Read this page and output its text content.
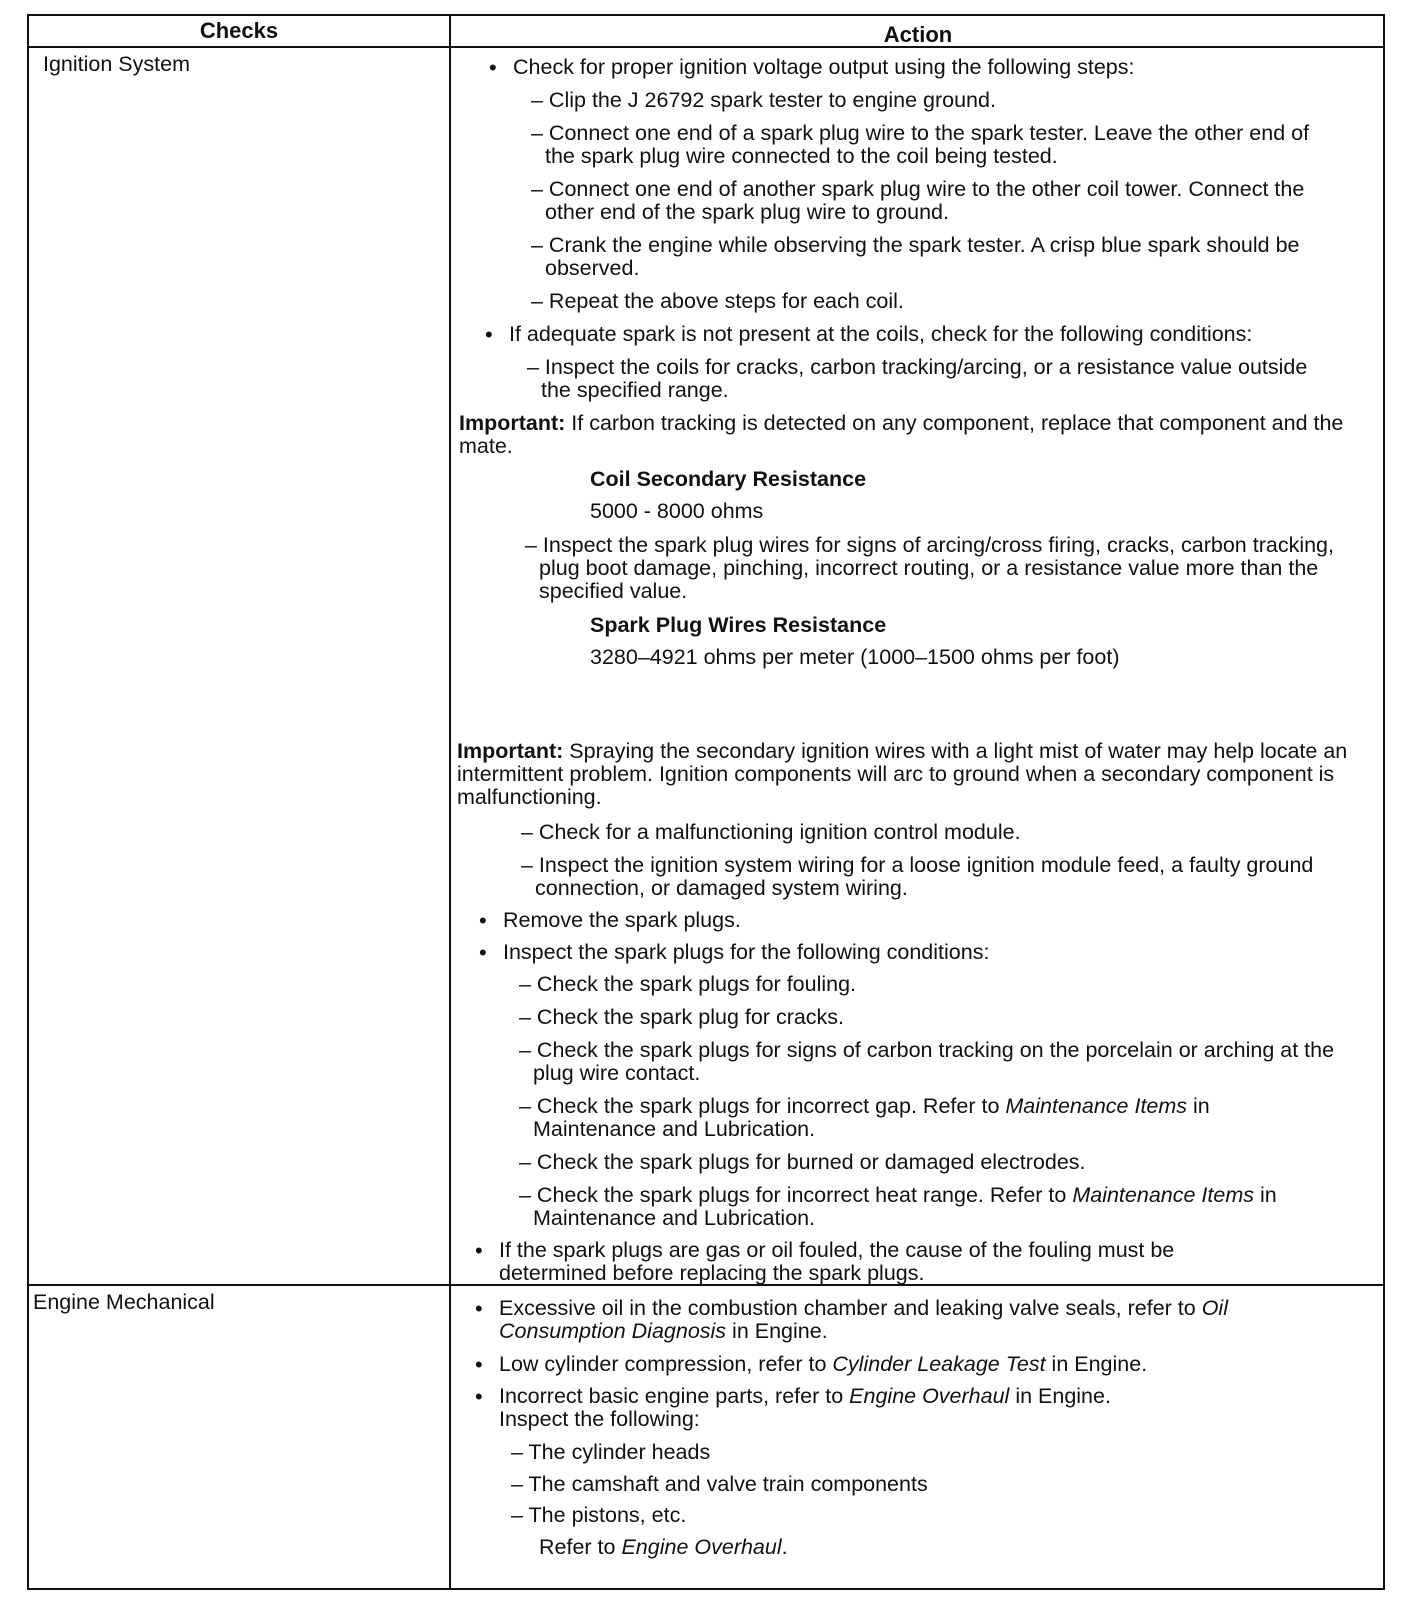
Checks	Action
Ignition System
Engine Mechanical

• Check for proper ignition voltage output using the following steps:

– Clip the J 26792 spark tester to engine ground.

– Connect one end of a spark plug wire to the spark tester. Leave the other end of the spark plug wire connected to the coil being tested.

– Connect one end of another spark plug wire to the other coil tower. Connect the other end of the spark plug wire to ground.

– Crank the engine while observing the spark tester. A crisp blue spark should be observed.

– Repeat the above steps for each coil.

• If adequate spark is not present at the coils, check for the following conditions:

– Inspect the coils for cracks, carbon tracking/arcing, or a resistance value outside the specified range.

Important: If carbon tracking is detected on any component, replace that component and the mate.

Coil Secondary Resistance

5000 - 8000 ohms

– Inspect the spark plug wires for signs of arcing/cross firing, cracks, carbon tracking, plug boot damage, pinching, incorrect routing, or a resistance value more than the specified value.

Spark Plug Wires Resistance

3280–4921 ohms per meter (1000–1500 ohms per foot)

Important: Spraying the secondary ignition wires with a light mist of water may help locate an intermittent problem. Ignition components will arc to ground when a secondary component is malfunctioning.

– Check for a malfunctioning ignition control module.

– Inspect the ignition system wiring for a loose ignition module feed, a faulty ground connection, or damaged system wiring.

• Remove the spark plugs.

• Inspect the spark plugs for the following conditions:

– Check the spark plugs for fouling.

– Check the spark plug for cracks.

– Check the spark plugs for signs of carbon tracking on the porcelain or arching at the plug wire contact.

– Check the spark plugs for incorrect gap. Refer to Maintenance Items in Maintenance and Lubrication.

– Check the spark plugs for burned or damaged electrodes.

– Check the spark plugs for incorrect heat range. Refer to Maintenance Items in Maintenance and Lubrication.

• If the spark plugs are gas or oil fouled, the cause of the fouling must be determined before replacing the spark plugs.

• Excessive oil in the combustion chamber and leaking valve seals, refer to Oil Consumption Diagnosis in Engine.

• Low cylinder compression, refer to Cylinder Leakage Test in Engine.

• Incorrect basic engine parts, refer to Engine Overhaul in Engine.

Inspect the following:

– The cylinder heads

– The camshaft and valve train components

– The pistons, etc.

Refer to Engine Overhaul.
